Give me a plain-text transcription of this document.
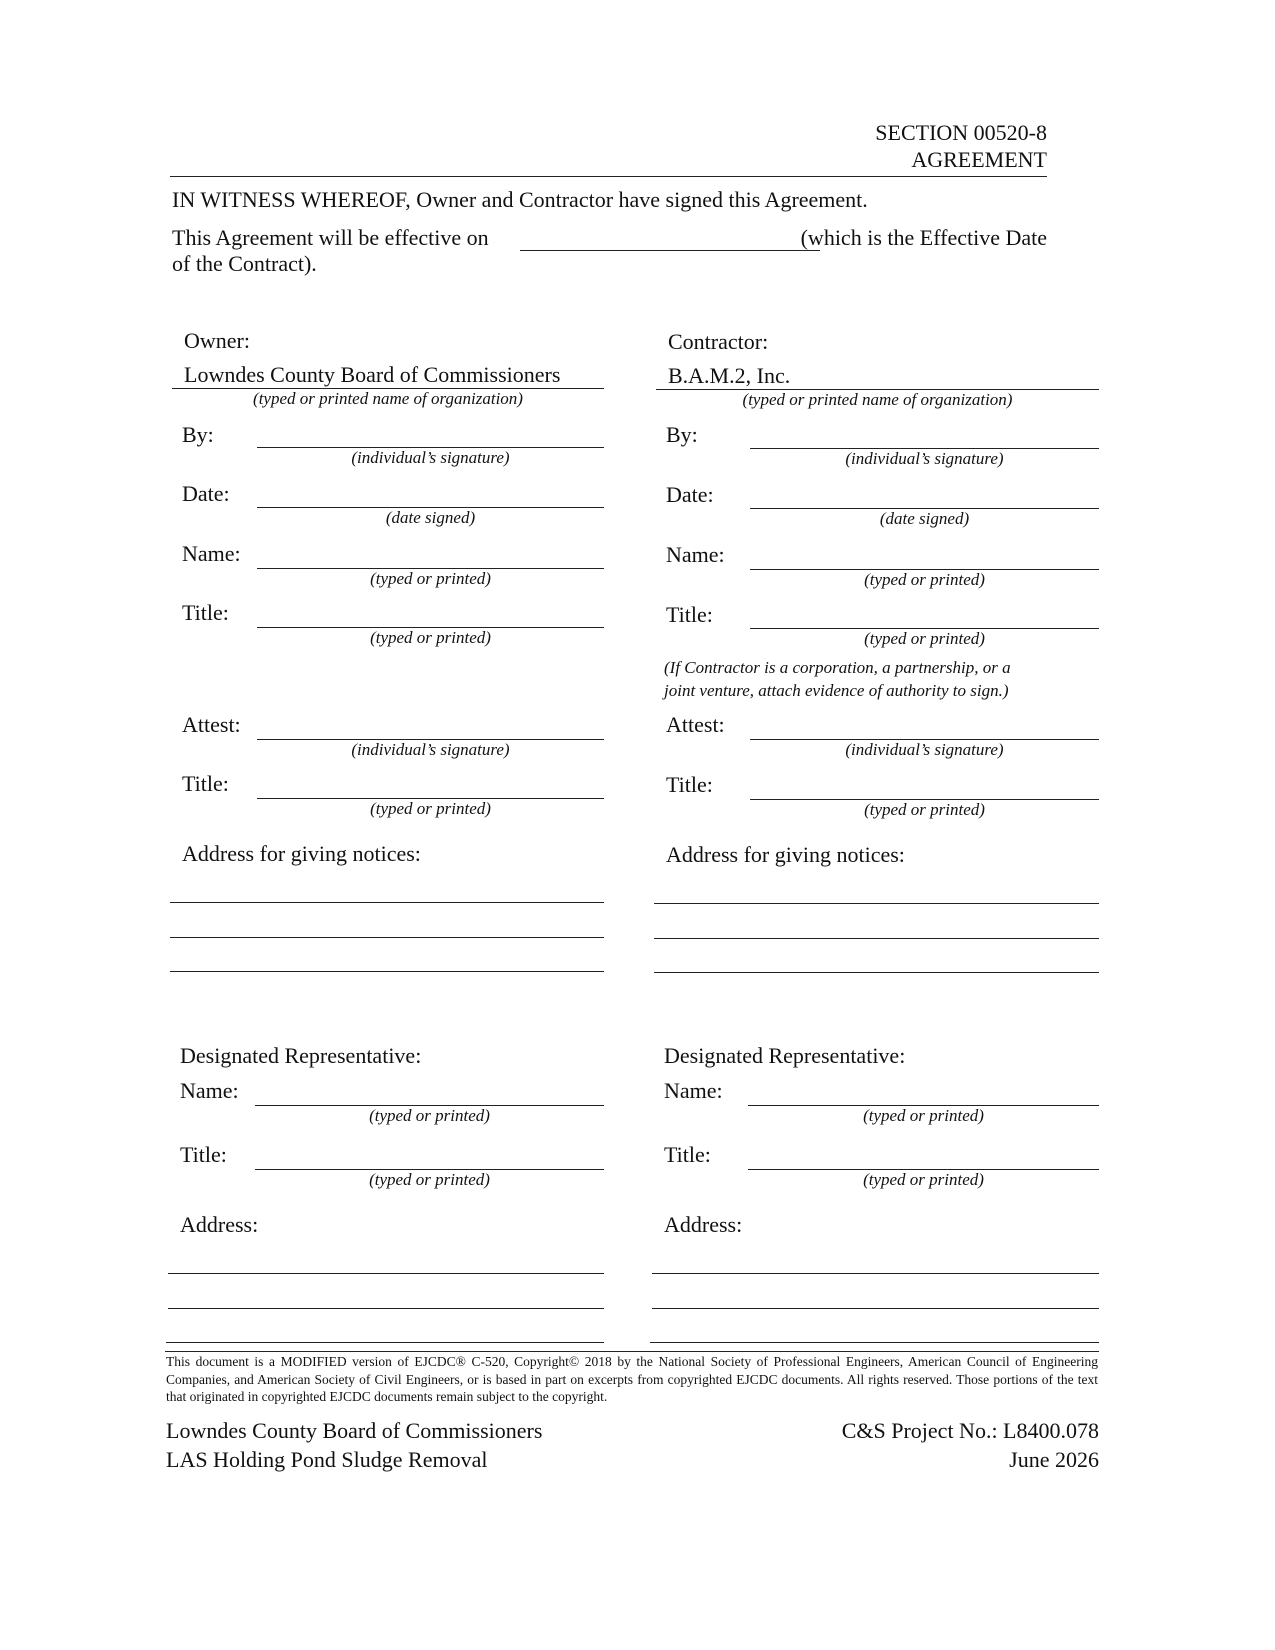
SECTION 00520-8
AGREEMENT
IN WITNESS WHEREOF, Owner and Contractor have signed this Agreement.
This Agreement will be effective on	(which is the Effective Date
of the Contract).
Owner:
Lowndes County Board of Commissioners
(typed or printed name of organization)
By:
(individual’s signature)
Date:
(date signed)
Name:
(typed or printed)
Title:
(typed or printed)
Attest:
(individual’s signature)
Title:
(typed or printed)
Address for giving notices:
Designated Representative:
Name:
(typed or printed)
Title:
(typed or printed)
Address:
Contractor:
B.A.M.2, Inc.
(typed or printed name of organization)
By:
(individual’s signature)
Date:
(date signed)
Name:
(typed or printed)
Title:
(typed or printed)
(If Contractor is a corporation, a partnership, or a
joint venture, attach evidence of authority to sign.)
Attest:
(individual’s signature)
Title:
(typed or printed)
Address for giving notices:
Designated Representative:
Name:
(typed or printed)
Title:
(typed or printed)
Address:
This document is a MODIFIED version of EJCDC® C-520, Copyright© 2018 by the National Society of Professional Engineers, American Council of Engineering Companies, and American Society of Civil Engineers, or is based in part on excerpts from copyrighted EJCDC documents. All rights reserved. Those portions of the text that originated in copyrighted EJCDC documents remain subject to the copyright.
Lowndes County Board of Commissioners
LAS Holding Pond Sludge Removal
C&S Project No.: L8400.078
June 2026
